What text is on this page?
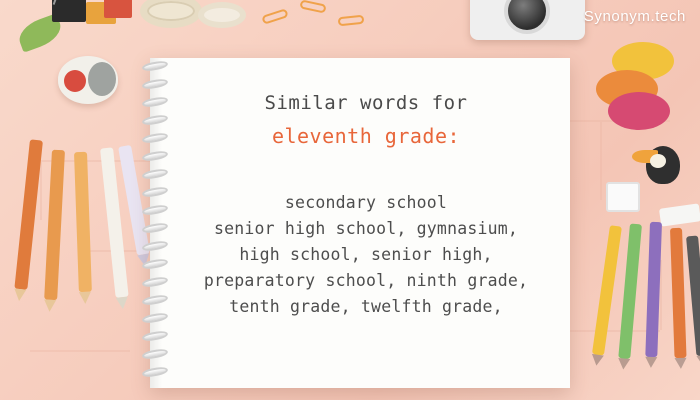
Similar words for
eleventh grade:
secondary school
senior high school, gymnasium,
high school, senior high,
preparatory school, ninth grade,
tenth grade, twelfth grade,
Synonym.tech
